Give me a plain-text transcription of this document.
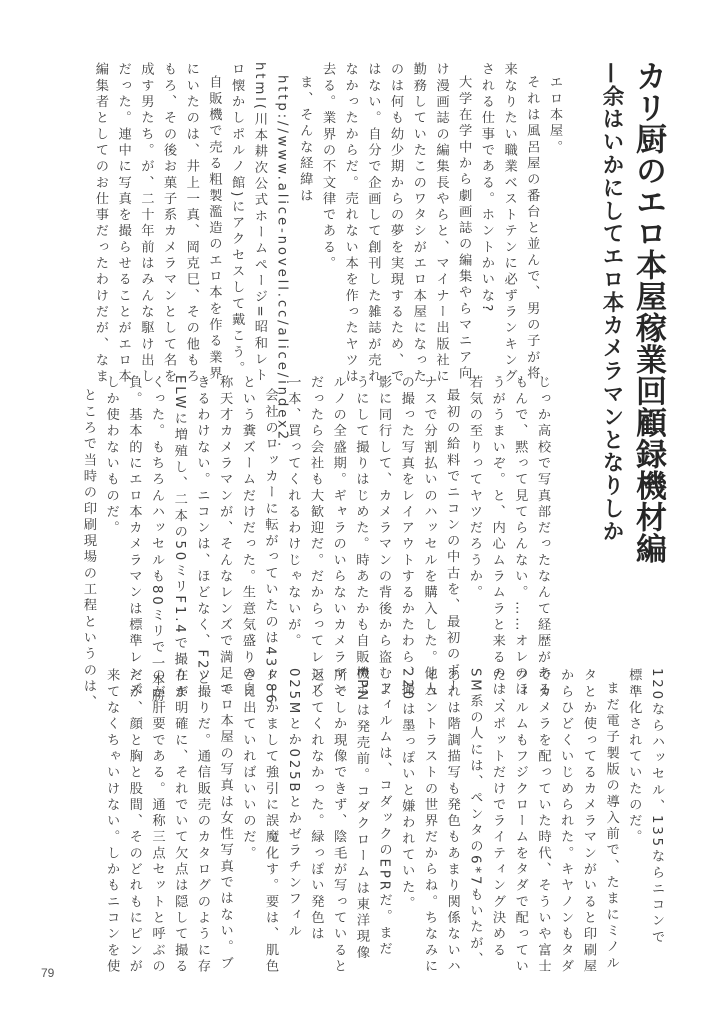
カリ厨のエロ本屋稼業回顧録機材編
—余はいかにしてエロ本カメラマンとなりしか
エロ本屋。
それは風呂屋の番台と並んで、男の子が将
来なりたい職業ベストテンに必ずランキング
される仕事である。ホントかいな?
大学在学中から劇画誌の編集やらマニア向
け漫画誌の編集長やらと、マイナー出版社に
勤務していたこのワタシがエロ本屋になった
のは何も幼少期からの夢を実現するため、で
はない。自分で企画して創刊した雑誌が売れ
なかったからだ。売れない本を作ったヤツは
去る。業界の不文律である。
ま、そんな経緯は
http://www.alice-novell.cc/alice/index2.
html(川本耕次公式ホームページ=昭和レト
ロ懐かしポルノ館)にアクセスして戴こう。
自販機で売る粗製濫造のエロ本を作る業界
にいたのは、井上一真、岡克巳、その他もろ
もろ、その後お菓子系カメラマンとして名を
成す男たち。が、二十年前はみんな駆け出し
だった。連中に写真を撮らせることがエロ本
編集者としてのお仕事だったわけだが、なま
じっか高校で写真部だったなんて経歴がある
もんで、黙って見てらんない。……オレのほ
うがうまいぞ。と、内心ムラムラと来るのは、
若気の至りってヤツだろうか。
最初の給料でニコンの中古を、最初のボー
ナスで分割払いのハッセルを購入した。他人
の撮った写真をレイアウトするかたわら、撮
影に同行して、カメラマンの背後から盗むよ
うにして撮りはじめた。時あたかも自販機ポ
ルノの全盛期。ギャラのいらないカメラマン
だったら会社も大歓迎だ。だからってレンズ
一本、買ってくれるわけじゃないが。
会社のロッカーに転がっていたのは43−86
という糞ズームだけだった。生意気盛りの自
称天才カメラマンが、そんなレンズで満足で
きるわけない。ニコンは、ほどなく、F2と
ELWに増殖し、二本の50ミリF1.4で撮りま
くった。もちろんハッセルも80ミリで一本勝
負。基本的にエロ本カメラマンは標準レンズ
しか使わないものだ。
ところで当時の印刷現場の工程というのは、
120ならハッセル、135ならニコンで
標準化されていたのだ。
まだ電子製版の導入前で、たまにミノル
タとか使ってるカメラマンがいると印刷屋
からひどくいじめられた。キヤノンもタダ
でカメラを配っていた時代、そういや富士
フィルムもフジクロームをタダで配ってい
た。スポットだけでライティング決める
SM系の人には、ペンタの6*7もいたが、
あれは階調描写も発色もあまり関係ないハ
イコントラストの世界だからね。ちなみに
220は墨っぽいと嫌われていた。
フィルムは、コダックのEPRだ。まだ
EPNは発売前。コダクロームは東洋現像
所でしか現像できず、陰毛が写っていると
返してくれなかった。緑っぽい発色は
025Mとか025Bとかゼラチンフィル
ターかまして強引に誤魔化す。要は、肌色
さえ出ていればいいのだ。
エロ本屋の写真は女性写真ではない。ブ
ツ撮りだ。通信販売のカタログのように存
在が明確に、それでいて欠点は隠して撮る
のが肝要である。通称三点セットと呼ぶの
だが、顔と胸と股間、そのどれもにピンが
来てなくちゃいけない。しかもニコンを使
79
